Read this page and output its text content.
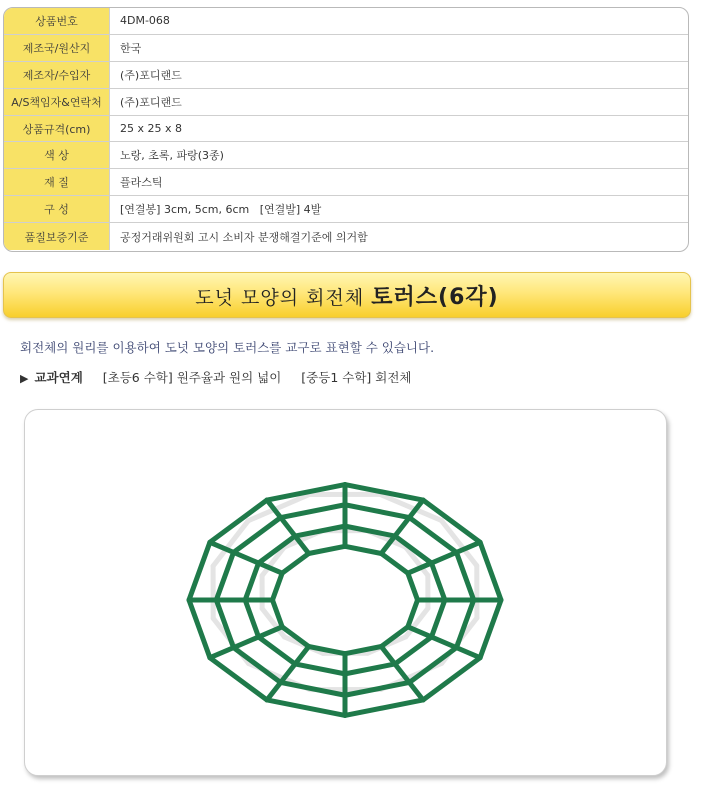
상품번호	4DM-068
제조국/원산지	한국
제조자/수입자	(주)포디랜드
A/S책임자&연락처	(주)포디랜드
상품규격(cm)	25 x 25 x 8
색 상	노랑, 초록, 파랑(3종)
재 질	플라스틱
구 성	[연결봉] 3cm, 5cm, 6cm   [연결발] 4발
품질보증기준	공정거래위원회 고시 소비자 분쟁해결기준에 의거함
도넛 모양의 회전체 토러스(6각)
회전체의 원리를 이용하여 도넛 모양의 토러스를 교구로 표현할 수 있습니다.
▶ 교과연계 [초등6 수학] 원주율과 원의 넓이 [중등1 수학] 회전체
